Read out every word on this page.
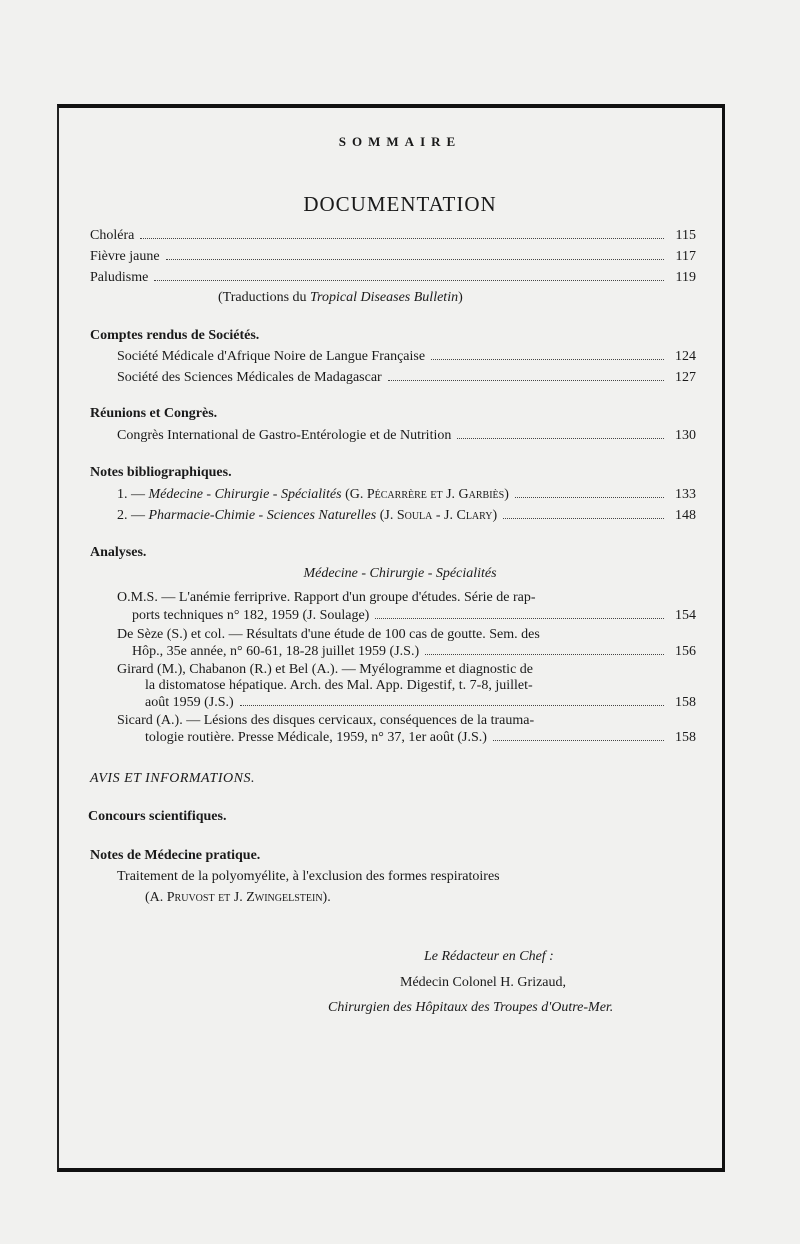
SOMMAIRE
DOCUMENTATION
Choléra	115
Fièvre jaune	117
Paludisme	119
(Traductions du Tropical Diseases Bulletin)
Comptes rendus de Sociétés.
Société Médicale d'Afrique Noire de Langue Française	124
Société des Sciences Médicales de Madagascar	127
Réunions et Congrès.
Congrès International de Gastro-Entérologie et de Nutrition	130
Notes bibliographiques.
1. — Médecine - Chirurgie - Spécialités (G. Pécarrère et J. Garbiès)	133
2. — Pharmacie-Chimie - Sciences Naturelles (J. Soula - J. Clary)	148
Analyses.
Médecine - Chirurgie - Spécialités
O.M.S. — L'anémie ferriprive. Rapport d'un groupe d'études. Série de rap-
ports techniques n° 182, 1959 (J. Soulage)	154
De Sèze (S.) et col. — Résultats d'une étude de 100 cas de goutte. Sem. des
Hôp., 35e année, n° 60-61, 18-28 juillet 1959 (J.S.)	156
Girard (M.), Chabanon (R.) et Bel (A.). — Myélogramme et diagnostic de
la distomatose hépatique. Arch. des Mal. App. Digestif, t. 7-8, juillet-
août 1959 (J.S.)	158
Sicard (A.). — Lésions des disques cervicaux, conséquences de la trauma-
tologie routière. Presse Médicale, 1959, n° 37, 1er août (J.S.)	158
AVIS ET INFORMATIONS.
Concours scientifiques.
Notes de Médecine pratique.
Traitement de la polyomyélite, à l'exclusion des formes respiratoires
(A. Pruvost et J. Zwingelstein).
Le Rédacteur en Chef :
Médecin Colonel H. Grizaud,
Chirurgien des Hôpitaux des Troupes d'Outre-Mer.
